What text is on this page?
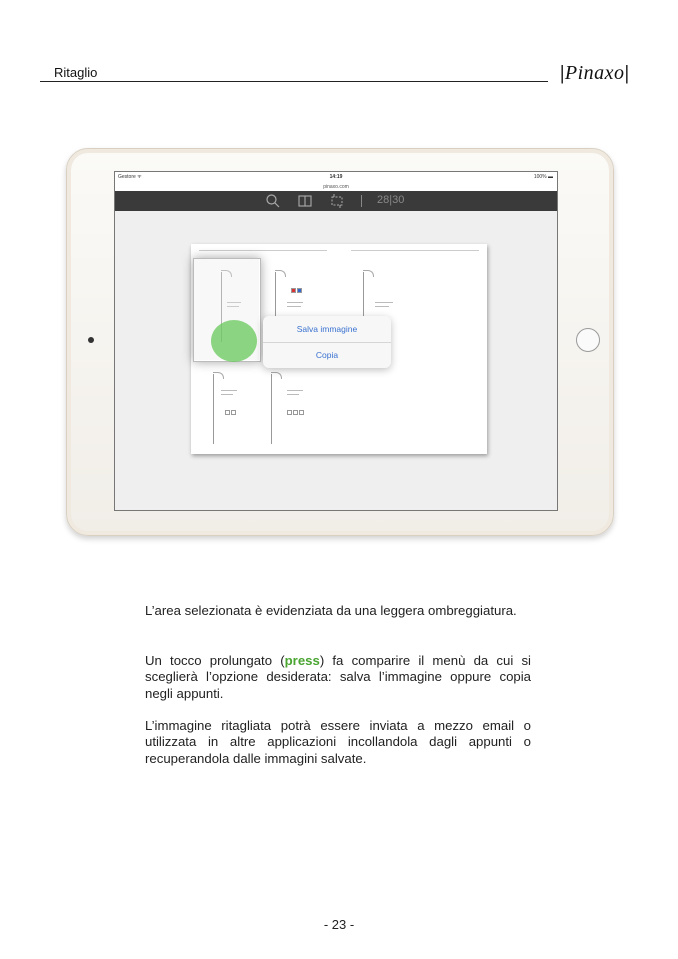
Ritaglio	|Pinaxo|
Gestore ᯤ	14:19	100% ▬
pinaxo.com
28|30
Salva immagine
Copia

L’area selezionata è evidenziata da una leggera ombreggiatura.

Un tocco prolungato (press) fa comparire il menù da cui si sceglierà l’opzione desiderata: salva l’immagine oppure copia negli appunti.

L’immagine ritagliata potrà essere inviata a mezzo email o utilizzata in altre applicazioni incollandola dagli appunti o recuperandola dalle immagini salvate.

- 23 -
